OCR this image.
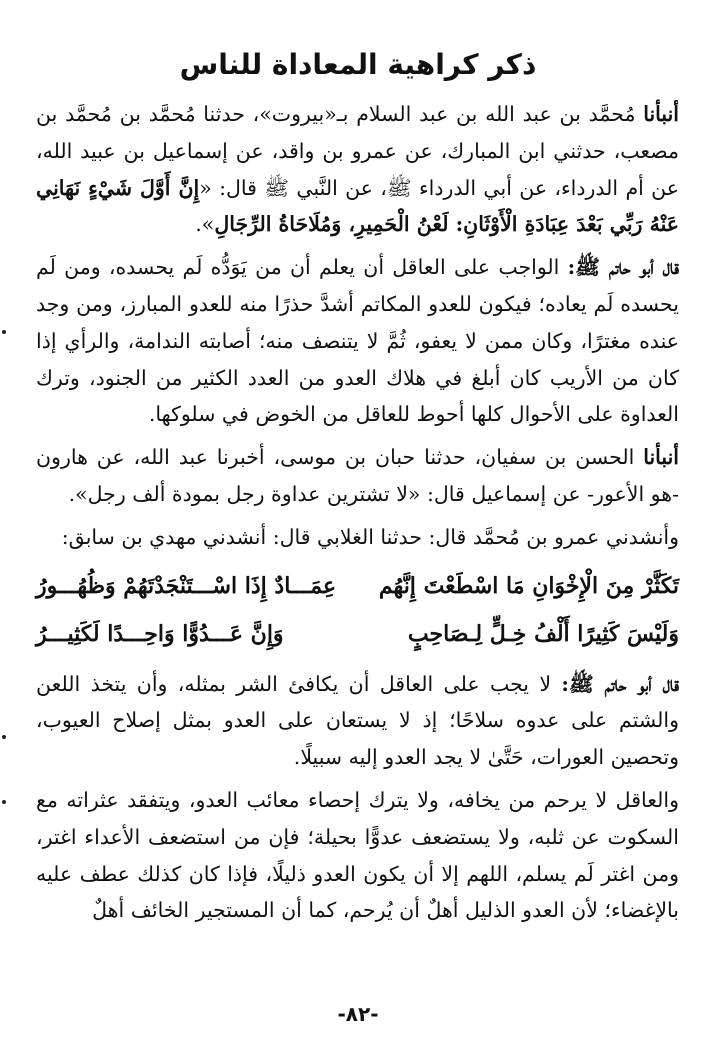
ذكر كراهية المعاداة للناس

أنبأنا مُحمَّد بن عبد الله بن عبد السلام بـ«بيروت»، حدثنا مُحمَّد بن مُحمَّد بن مصعب، حدثني ابن المبارك، عن عمرو بن واقد، عن إسماعيل بن عبيد الله، عن أم الدرداء، عن أبي الدرداء ﷺ، عن النَّبي ﷺ قال: «إِنَّ أَوَّلَ شَيْءٍ نَهَانِي عَنْهُ رَبِّي بَعْدَ عِبَادَةِ الْأَوْثَانِ: لَعْنُ الْحَمِيرِ، وَمُلَاحَاةُ الرِّجَالِ».

قال أبو حاتم ﷺ: الواجب على العاقل أن يعلم أن من يَوَدُّه لَم يحسده، ومن لَم يحسده لَم يعاده؛ فيكون للعدو المكاتم أشدَّ حذرًا منه للعدو المبارز، ومن وجد عنده مغترًا، وكان ممن لا يعفو، ثُمَّ لا يتنصف منه؛ أصابته الندامة، والرأي إذا كان من الأريب كان أبلغ في هلاك العدو من العدد الكثير من الجنود، وترك العداوة على الأحوال كلها أحوط للعاقل من الخوض في سلوكها.

أنبأنا الحسن بن سفيان، حدثنا حبان بن موسى، أخبرنا عبد الله، عن هارون -هو الأعور- عن إسماعيل قال: «لا تشترين عداوة رجل بمودة ألف رجل».

وأنشدني عمرو بن مُحمَّد قال: حدثنا الغلابي قال: أنشدني مهدي بن سابق:

تَكَثَّرْ مِنَ الْإِخْوَانِ مَا اسْطَعْتَ إِنَّهُم
عِمَـــادٌ إِذَا اسْـــتَنْجَدْتَهُمْ وَظُهُـــورُ
وَلَيْسَ كَثِيرًا أَلْفُ خِـلٍّ لِـصَاحِبٍ
وَإِنَّ عَـــدُوًّا وَاحِـــدًا لَكَثِيـــرُ

قال أبو حاتم ﷺ: لا يجب على العاقل أن يكافئ الشر بمثله، وأن يتخذ اللعن والشتم على عدوه سلاحًا؛ إذ لا يستعان على العدو بمثل إصلاح العيوب، وتحصين العورات، حَتَّىٰ لا يجد العدو إليه سبيلًا.

والعاقل لا يرحم من يخافه، ولا يترك إحصاء معائب العدو، ويتفقد عثراته مع السكوت عن ثلبه، ولا يستضعف عدوًّا بحيلة؛ فإن من استضعف الأعداء اغتر، ومن اغتر لَم يسلم، اللهم إلا أن يكون العدو ذليلًا، فإذا كان كذلك عطف عليه بالإغضاء؛ لأن العدو الذليل أهلٌ أن يُرحم، كما أن المستجير الخائف أهلٌ

-٨٢-
